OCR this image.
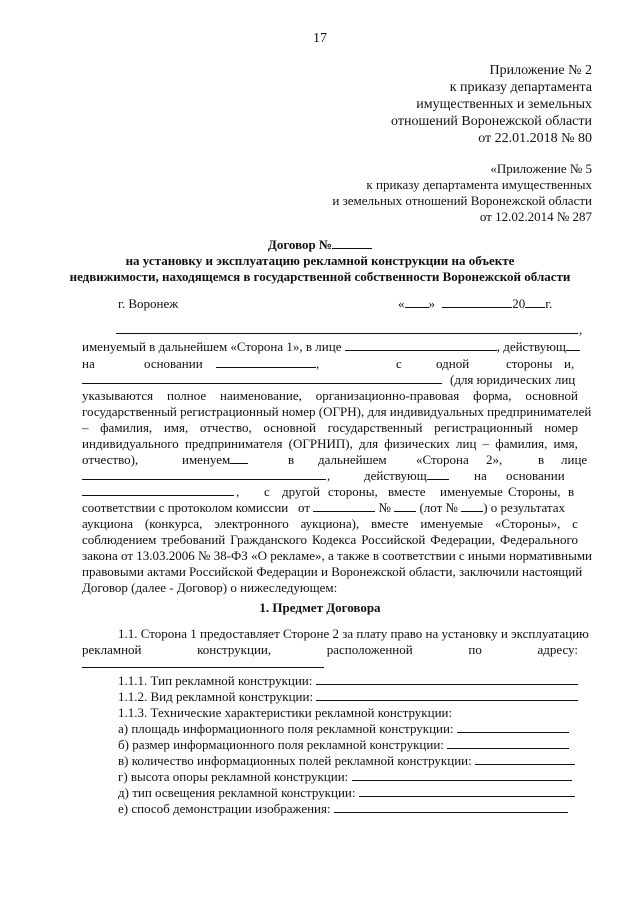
17
Приложение № 2
к приказу департамента
имущественных и земельных
отношений Воронежской области
от 22.01.2018 № 80
«Приложение № 5
к приказу департамента имущественных
и земельных отношений Воронежской области
от 12.02.2014 № 287
Договор №
на установку и эксплуатацию рекламной конструкции на объекте
недвижимости, находящемся в государственной собственности Воронежской области
г. Воронеж	« »	20 г.
,
именуемый в дальнейшем «Сторона 1», в лице	, действующ
на	основании	,	с	одной	стороны и,
(для юридических лиц
указываются полное наименование, организационно-правовая форма, основной
государственный регистрационный номер (ОГРН), для индивидуальных предпринимателей
– фамилия, имя, отчество, основной государственный регистрационный номер
индивидуального предпринимателя (ОГРНИП), для физических лиц – фамилия, имя,
отчество),	именуем	в дальнейшем «Сторона 2»,	в лице
,	действующ	на основании
, с другой стороны, вместе именуемые Стороны, в
соответствии с протоколом комиссии от	№ (лот № ) о результатах
аукциона (конкурса, электронного аукциона), вместе именуемые «Стороны», с
соблюдением требований Гражданского Кодекса Российской Федерации, Федерального
закона от 13.03.2006 № 38-ФЗ «О рекламе», а также в соответствии с иными нормативными
правовыми актами Российской Федерации и Воронежской области, заключили настоящий
Договор (далее - Договор) о нижеследующем:
1. Предмет Договора
1.1. Сторона 1 предоставляет Стороне 2 за плату право на установку и эксплуатацию
рекламной	конструкции,	расположенной	по	адресу:
1.1.1. Тип рекламной конструкции:
1.1.2. Вид рекламной конструкции:
1.1.3. Технические характеристики рекламной конструкции:
а) площадь информационного поля рекламной конструкции:
б) размер информационного поля рекламной конструкции:
в) количество информационных полей рекламной конструкции:
г) высота опоры рекламной конструкции:
д) тип освещения рекламной конструкции:
е) способ демонстрации изображения:
